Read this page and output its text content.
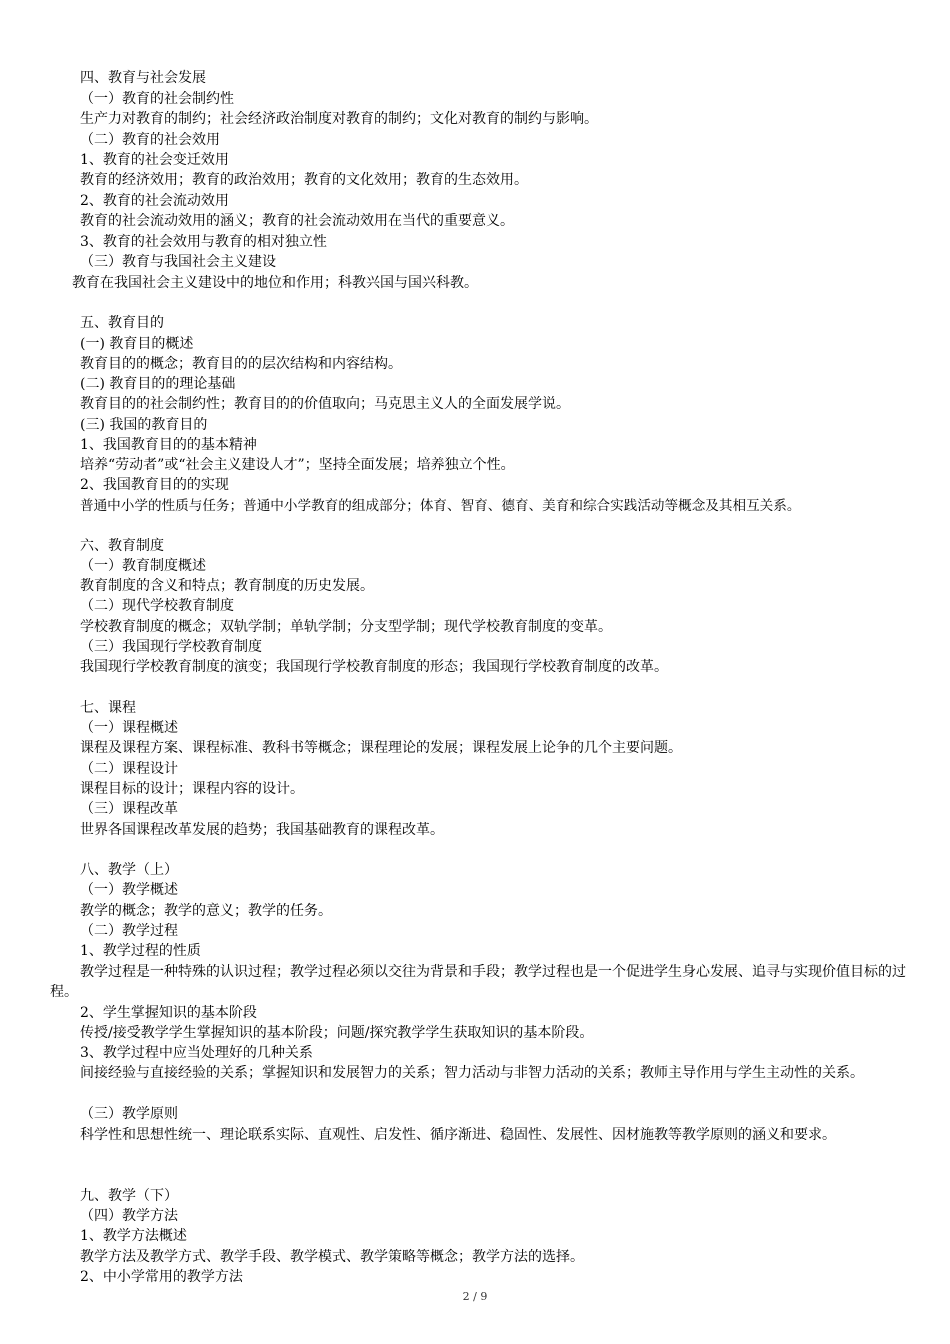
四、教育与社会发展
（一）教育的社会制约性
生产力对教育的制约；社会经济政治制度对教育的制约；文化对教育的制约与影响。
（二）教育的社会效用
1、教育的社会变迁效用
教育的经济效用；教育的政治效用；教育的文化效用；教育的生态效用。
2、教育的社会流动效用
教育的社会流动效用的涵义；教育的社会流动效用在当代的重要意义。
3、教育的社会效用与教育的相对独立性
（三）教育与我国社会主义建设
教育在我国社会主义建设中的地位和作用；科教兴国与国兴科教。
五、教育目的
(一) 教育目的概述
教育目的的概念；教育目的的层次结构和内容结构。
(二) 教育目的的理论基础
教育目的的社会制约性；教育目的的价值取向；马克思主义人的全面发展学说。
(三) 我国的教育目的
1、我国教育目的的基本精神
培养“劳动者”或“社会主义建设人才”；坚持全面发展；培养独立个性。
2、我国教育目的的实现
普通中小学的性质与任务；普通中小学教育的组成部分；体育、智育、德育、美育和综合实践活动等概念及其相互关系。
六、教育制度
（一）教育制度概述
教育制度的含义和特点；教育制度的历史发展。
（二）现代学校教育制度
学校教育制度的概念；双轨学制；单轨学制；分支型学制；现代学校教育制度的变革。
（三）我国现行学校教育制度
我国现行学校教育制度的演变；我国现行学校教育制度的形态；我国现行学校教育制度的改革。
七、课程
（一）课程概述
课程及课程方案、课程标准、教科书等概念；课程理论的发展；课程发展上论争的几个主要问题。
（二）课程设计
课程目标的设计；课程内容的设计。
（三）课程改革
世界各国课程改革发展的趋势；我国基础教育的课程改革。
八、教学（上）
（一）教学概述
教学的概念；教学的意义；教学的任务。
（二）教学过程
1、教学过程的性质
教学过程是一种特殊的认识过程；教学过程必须以交往为背景和手段；教学过程也是一个促进学生身心发展、追寻与实现价值目标的过程。
2、学生掌握知识的基本阶段
传授/接受教学学生掌握知识的基本阶段；问题/探究教学学生获取知识的基本阶段。
3、教学过程中应当处理好的几种关系
间接经验与直接经验的关系；掌握知识和发展智力的关系；智力活动与非智力活动的关系；教师主导作用与学生主动性的关系。
（三）教学原则
科学性和思想性统一、理论联系实际、直观性、启发性、循序渐进、稳固性、发展性、因材施教等教学原则的涵义和要求。
九、教学（下）
（四）教学方法
1、教学方法概述
教学方法及教学方式、教学手段、教学模式、教学策略等概念；教学方法的选择。
2、中小学常用的教学方法
2 / 9
